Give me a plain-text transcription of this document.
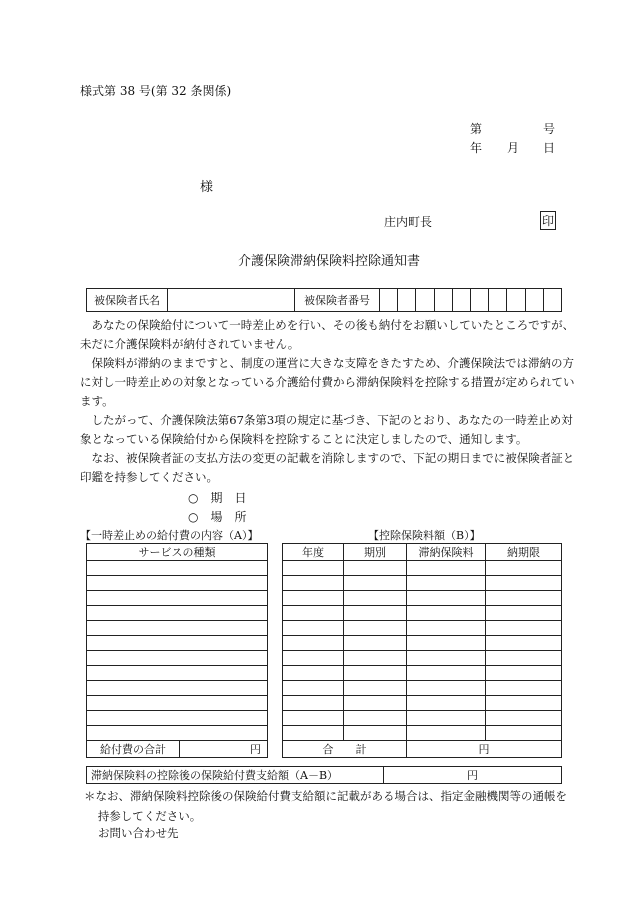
様式第 38 号(第 32 条関係)
第	号
年 月 日
様
庄内町長	印
介護保険滞納保険料控除通知書
被保険者氏名		被保険者番号										
あなたの保険給付について一時差止めを行い、その後も納付をお願いしていたところですが、未だに介護保険料が納付されていません。
保険料が滞納のままですと、制度の運営に大きな支障をきたすため、介護保険法では滞納の方に対し一時差止めの対象となっている介護給付費から滞納保険料を控除する措置が定められています。
したがって、介護保険法第67条第3項の規定に基づき、下記のとおり、あなたの一時差止め対象となっている保険給付から保険料を控除することに決定しましたので、通知します。
なお、被保険者証の支払方法の変更の記載を消除しますので、下記の期日までに被保険者証と印鑑を持参してください。
○　期　日
○　場　所
【一時差止めの給付費の内容（A）】	【控除保険料額（B）】
サービスの種類

給付費の合計	円
年度	期別	滞納保険料	納期限

合　　計		円	
滞納保険料の控除後の保険給付費支給額（A－B）	円
＊なお、滞納保険料控除後の保険給付費支給額に記載がある場合は、指定金融機関等の通帳を持参してください。
お問い合わせ先
